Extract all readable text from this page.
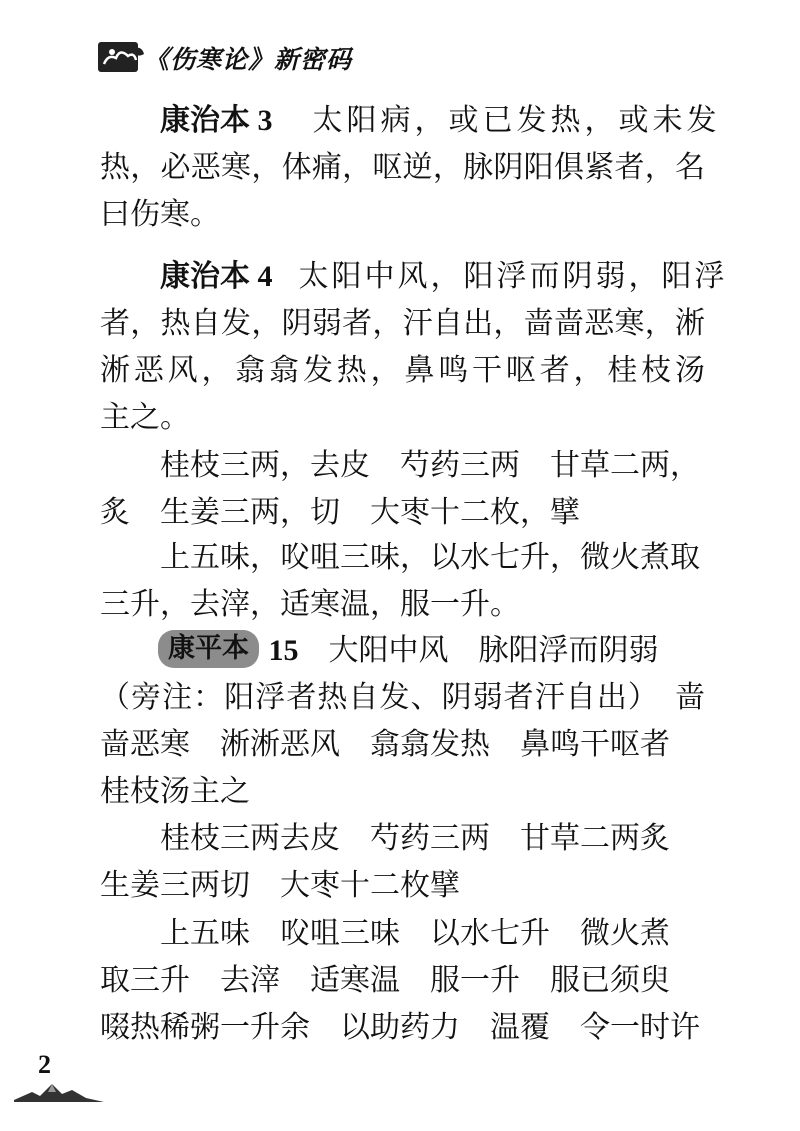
《伤寒论》新密码
康治本 3 太阳病，或已发热，或未发
热，必恶寒，体痛，呕逆，脉阴阳俱紧者，名
曰伤寒。
康治本 4 太阳中风，阳浮而阴弱，阳浮
者，热自发，阴弱者，汗自出，啬啬恶寒，淅
淅恶风，翕翕发热，鼻鸣干呕者，桂枝汤
主之。
桂枝三两，去皮　芍药三两　甘草二两，
炙　生姜三两，切　大枣十二枚，擘
上五味，㕮咀三味，以水七升，微火煮取
三升，去滓，适寒温，服一升。
康平本 15 大阳中风　脉阳浮而阴弱
（旁注：阳浮者热自发、阴弱者汗自出）　啬
啬恶寒　淅淅恶风　翕翕发热　鼻鸣干呕者
桂枝汤主之
桂枝三两去皮　芍药三两　甘草二两炙
生姜三两切　大枣十二枚擘
上五味　㕮咀三味　以水七升　微火煮
取三升　去滓　适寒温　服一升　服已须臾
啜热稀粥一升余　以助药力　温覆　令一时许
2
